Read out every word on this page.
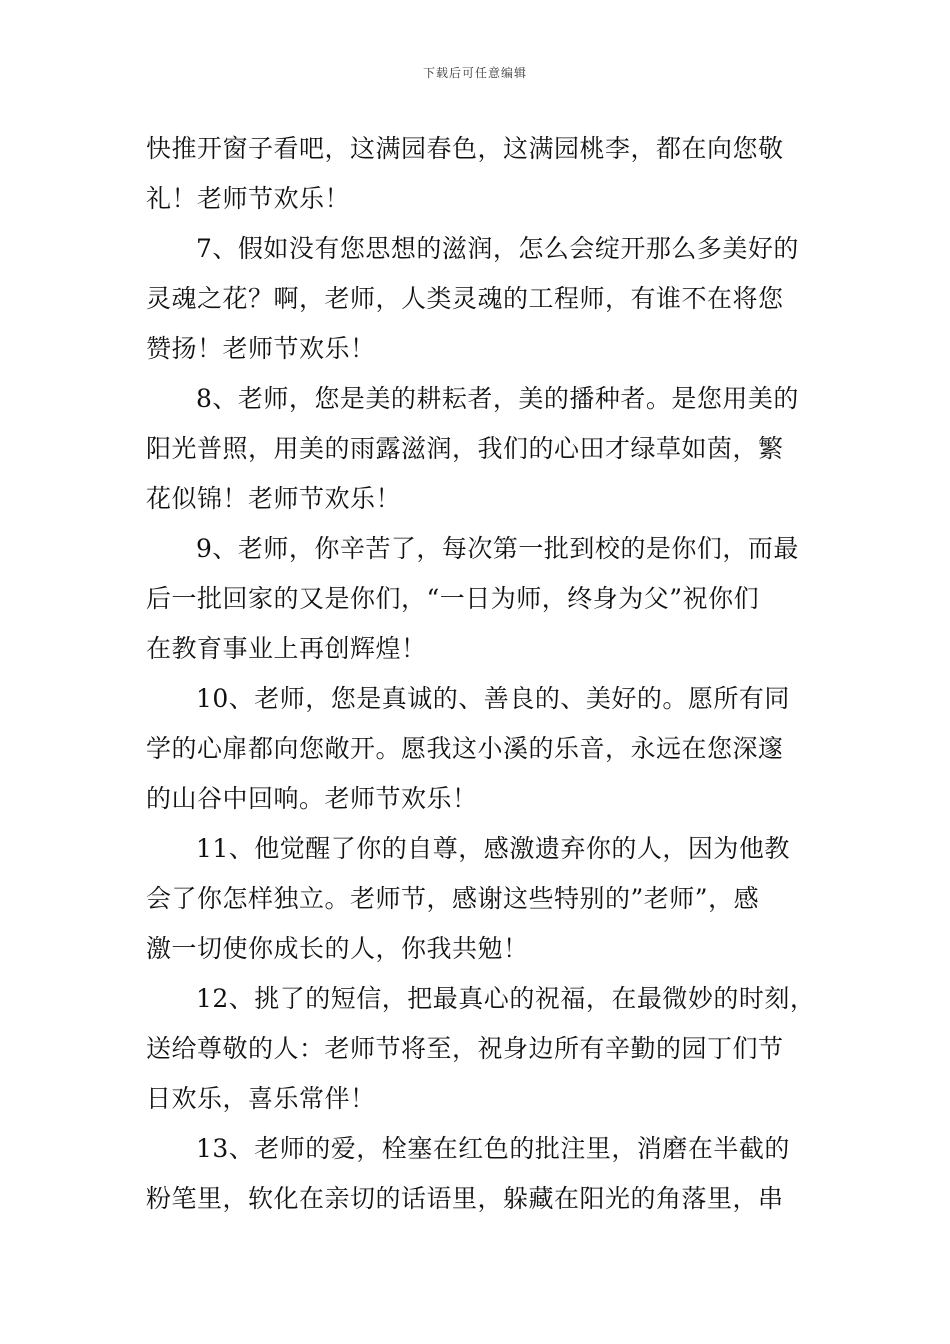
下载后可任意编辑
快推开窗子看吧，这满园春色，这满园桃李，都在向您敬
礼！老师节欢乐！
7、假如没有您思想的滋润，怎么会绽开那么多美好的
灵魂之花？啊，老师，人类灵魂的工程师，有谁不在将您
赞扬！老师节欢乐！
8、老师，您是美的耕耘者，美的播种者。是您用美的
阳光普照，用美的雨露滋润，我们的心田才绿草如茵，繁
花似锦！老师节欢乐！
9、老师，你辛苦了，每次第一批到校的是你们，而最
后一批回家的又是你们，“一日为师，终身为父”祝你们
在教育事业上再创辉煌！
10、老师，您是真诚的、善良的、美好的。愿所有同
学的心扉都向您敞开。愿我这小溪的乐音，永远在您深邃
的山谷中回响。老师节欢乐！
11、他觉醒了你的自尊，感激遗弃你的人，因为他教
会了你怎样独立。老师节，感谢这些特别的”老师”，感
激一切使你成长的人，你我共勉！
12、挑了的短信，把最真心的祝福，在最微妙的时刻，
送给尊敬的人：老师节将至，祝身边所有辛勤的园丁们节
日欢乐，喜乐常伴！
13、老师的爱，栓塞在红色的批注里，消磨在半截的
粉笔里，软化在亲切的话语里，躲藏在阳光的角落里，串
